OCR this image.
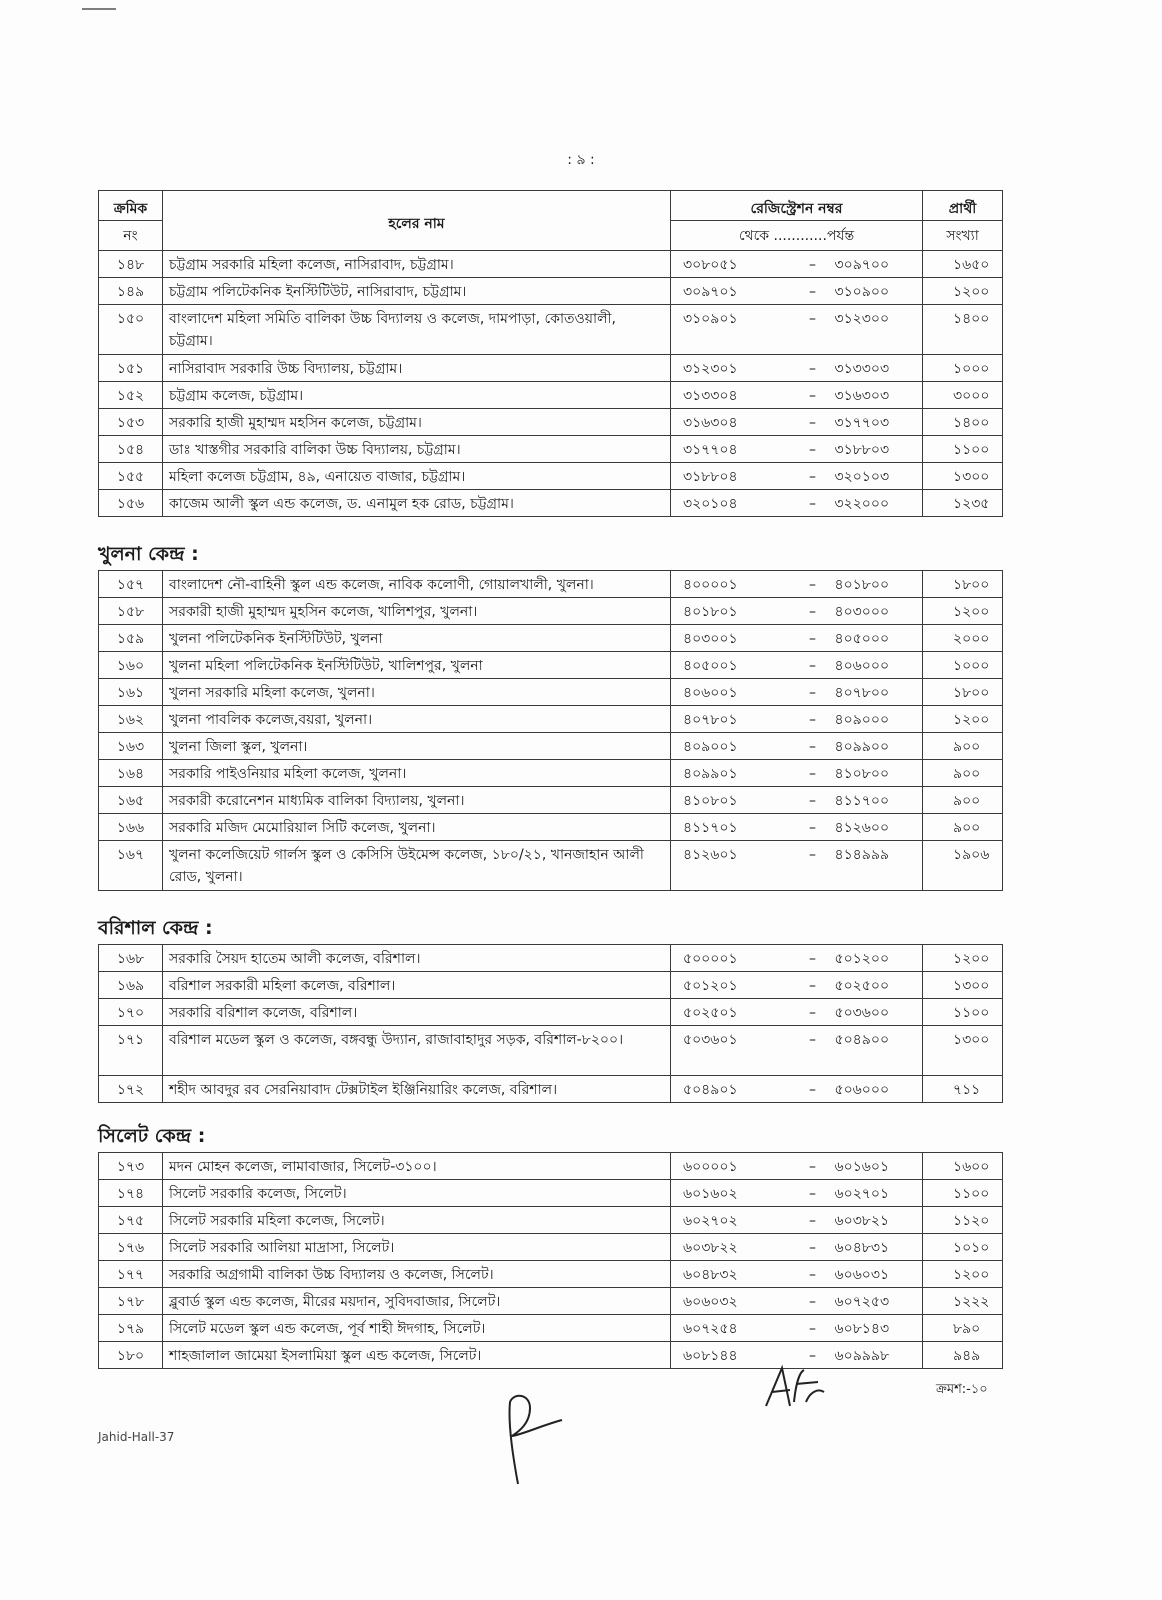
: ৯ :
ক্রমিক	হলের নাম	রেজিস্ট্রেশন নম্বর			প্রার্থী
নং		থেকে ............পর্যন্ত			সংখ্যা
১৪৮	চট্টগ্রাম সরকারি মহিলা কলেজ, নাসিরাবাদ, চট্টগ্রাম।	৩০৮০৫১	–	৩০৯৭০০	১৬৫০
১৪৯	চট্টগ্রাম পলিটেকনিক ইনস্টিটিউট, নাসিরাবাদ, চট্টগ্রাম।	৩০৯৭০১	–	৩১০৯০০	১২০০
১৫০	বাংলাদেশ মহিলা সমিতি বালিকা উচ্চ বিদ্যালয় ও কলেজ, দামপাড়া, কোতওয়ালী, চট্টগ্রাম।	৩১০৯০১	–	৩১২৩০০	১৪০০
১৫১	নাসিরাবাদ সরকারি উচ্চ বিদ্যালয়, চট্টগ্রাম।	৩১২৩০১	–	৩১৩৩০৩	১০০০
১৫২	চট্টগ্রাম কলেজ, চট্টগ্রাম।	৩১৩৩০৪	–	৩১৬৩০৩	৩০০০
১৫৩	সরকারি হাজী মুহাম্মদ মহসিন কলেজ, চট্টগ্রাম।	৩১৬৩০৪	–	৩১৭৭০৩	১৪০০
১৫৪	ডাঃ খাস্তগীর সরকারি বালিকা উচ্চ বিদ্যালয়, চট্টগ্রাম।	৩১৭৭০৪	–	৩১৮৮০৩	১১০০
১৫৫	মহিলা কলেজ চট্টগ্রাম, ৪৯, এনায়েত বাজার, চট্টগ্রাম।	৩১৮৮০৪	–	৩২০১০৩	১৩০০
১৫৬	কাজেম আলী স্কুল এন্ড কলেজ, ড. এনামুল হক রোড, চট্টগ্রাম।	৩২০১০৪	–	৩২২০০০	১২৩৫
খুলনা কেন্দ্র :
১৫৭	বাংলাদেশ নৌ-বাহিনী স্কুল এন্ড কলেজ, নাবিক কলোণী, গোয়ালখালী, খুলনা।	৪০০০০১	–	৪০১৮০০	১৮০০
১৫৮	সরকারী হাজী মুহাম্মদ মুহসিন কলেজ, খালিশপুর, খুলনা।	৪০১৮০১	–	৪০৩০০০	১২০০
১৫৯	খুলনা পলিটেকনিক ইনস্টিটিউট, খুলনা	৪০৩০০১	–	৪০৫০০০	২০০০
১৬০	খুলনা মহিলা পলিটেকনিক ইনস্টিটিউট, খালিশপুর, খুলনা	৪০৫০০১	–	৪০৬০০০	১০০০
১৬১	খুলনা সরকারি মহিলা কলেজ, খুলনা।	৪০৬০০১	–	৪০৭৮০০	১৮০০
১৬২	খুলনা পাবলিক কলেজ,বয়রা, খুলনা।	৪০৭৮০১	–	৪০৯০০০	১২০০
১৬৩	খুলনা জিলা স্কুল, খুলনা।	৪০৯০০১	–	৪০৯৯০০	৯০০
১৬৪	সরকারি পাইওনিয়ার মহিলা কলেজ, খুলনা।	৪০৯৯০১	–	৪১০৮০০	৯০০
১৬৫	সরকারী করোনেশন মাধ্যমিক বালিকা বিদ্যালয়, খুলনা।	৪১০৮০১	–	৪১১৭০০	৯০০
১৬৬	সরকারি মজিদ মেমোরিয়াল সিটি কলেজ, খুলনা।	৪১১৭০১	–	৪১২৬০০	৯০০
১৬৭	খুলনা কলেজিয়েট গার্লস স্কুল ও কেসিসি উইমেন্স কলেজ, ১৮০/২১, খানজাহান আলী রোড, খুলনা।	৪১২৬০১	–	৪১৪৯৯৯	১৯০৬
বরিশাল কেন্দ্র :
১৬৮	সরকারি সৈয়দ হাতেম আলী কলেজ, বরিশাল।	৫০০০০১	–	৫০১২০০	১২০০
১৬৯	বরিশাল সরকারী মহিলা কলেজ, বরিশাল।	৫০১২০১	–	৫০২৫০০	১৩০০
১৭০	সরকারি বরিশাল কলেজ, বরিশাল।	৫০২৫০১	–	৫০৩৬০০	১১০০
১৭১	বরিশাল মডেল স্কুল ও কলেজ, বঙ্গবন্ধু উদ্যান, রাজাবাহাদুর সড়ক, বরিশাল-৮২০০।	৫০৩৬০১	–	৫০৪৯০০	১৩০০
১৭২	শহীদ আবদুর রব সেরনিয়াবাদ টেক্সটাইল ইঞ্জিনিয়ারিং কলেজ, বরিশাল।	৫০৪৯০১	–	৫০৬০০০	৭১১
সিলেট কেন্দ্র :
১৭৩	মদন মোহন কলেজ, লামাবাজার, সিলেট-৩১০০।	৬০০০০১	–	৬০১৬০১	১৬০০
১৭৪	সিলেট সরকারি কলেজ, সিলেট।	৬০১৬০২	–	৬০২৭০১	১১০০
১৭৫	সিলেট সরকারি মহিলা কলেজ, সিলেট।	৬০২৭০২	–	৬০৩৮২১	১১২০
১৭৬	সিলেট সরকারি আলিয়া মাদ্রাসা, সিলেট।	৬০৩৮২২	–	৬০৪৮৩১	১০১০
১৭৭	সরকারি অগ্রগামী বালিকা উচ্চ বিদ্যালয় ও কলেজ, সিলেট।	৬০৪৮৩২	–	৬০৬০৩১	১২০০
১৭৮	ব্লুবার্ড স্কুল এন্ড কলেজ, মীরের ময়দান, সুবিদবাজার, সিলেট।	৬০৬০৩২	–	৬০৭২৫৩	১২২২
১৭৯	সিলেট মডেল স্কুল এন্ড কলেজ, পূর্ব শাহী ঈদগাহ, সিলেট।	৬০৭২৫৪	–	৬০৮১৪৩	৮৯০
১৮০	শাহজালাল জামেয়া ইসলামিয়া স্কুল এন্ড কলেজ, সিলেট।	৬০৮১৪৪	–	৬০৯৯৯৮	৯৪৯
ক্রমশ:-১০
Jahid-Hall-37
